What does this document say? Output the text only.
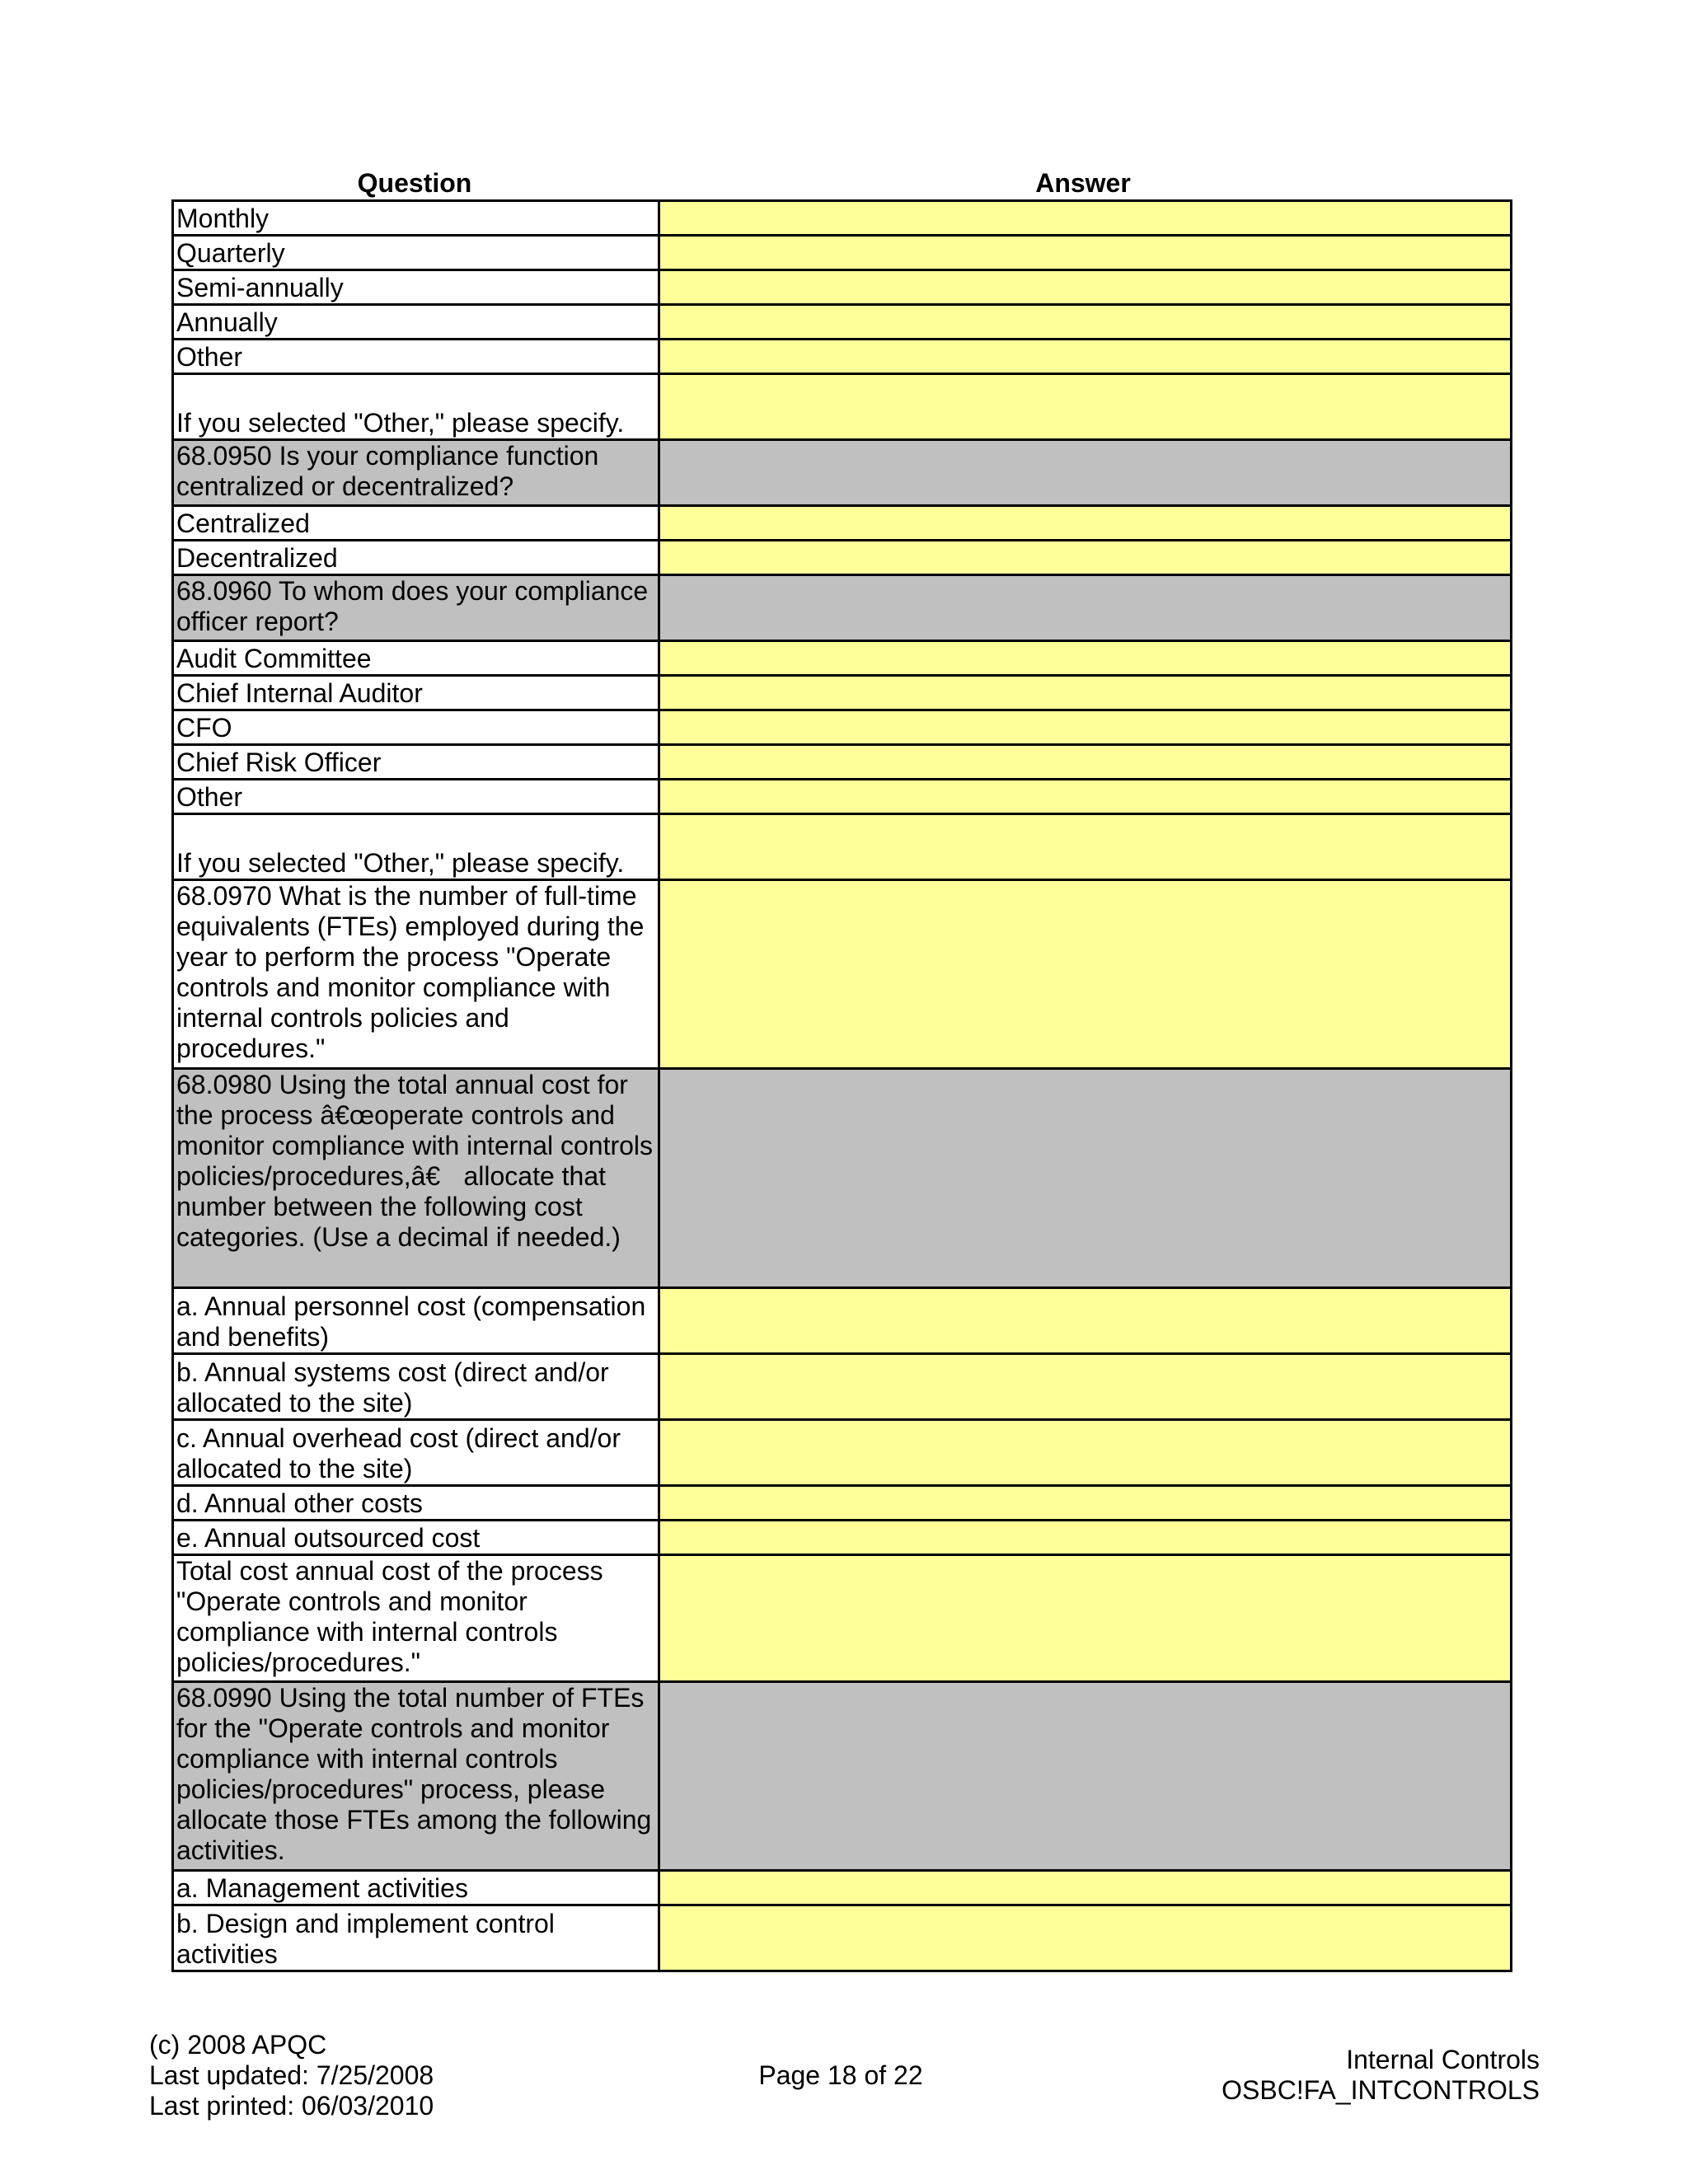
Question	Answer
Monthly	
Quarterly	
Semi-annually	
Annually	
Other	
If you selected "Other," please specify.	
68.0950 Is your compliance function centralized or decentralized?	
Centralized	
Decentralized	
68.0960 To whom does your compliance officer report?	
Audit Committee	
Chief Internal Auditor	
CFO	
Chief Risk Officer	
Other	
If you selected "Other," please specify.	
68.0970 What is the number of full-time equivalents (FTEs) employed during the year to perform the process "Operate controls and monitor compliance with internal controls policies and procedures."	
68.0980 Using the total annual cost for the process â€œoperate controls and monitor compliance with internal controls policies/procedures,â€ allocate that number between the following cost categories. (Use a decimal if needed.)	
a. Annual personnel cost (compensation and benefits)	
b. Annual systems cost (direct and/or allocated to the site)	
c. Annual overhead cost (direct and/or allocated to the site)	
d. Annual other costs	
e. Annual outsourced cost	
Total cost annual cost of the process "Operate controls and monitor compliance with internal controls policies/procedures."	
68.0990 Using the total number of FTEs for the "Operate controls and monitor compliance with internal controls policies/procedures" process, please allocate those FTEs among the following activities.	
a. Management activities	
b. Design and implement control activities	
(c) 2008 APQC
Last updated: 7/25/2008
Last printed: 06/03/2010
Page 18 of 22
Internal Controls
OSBC!FA_INTCONTROLS
